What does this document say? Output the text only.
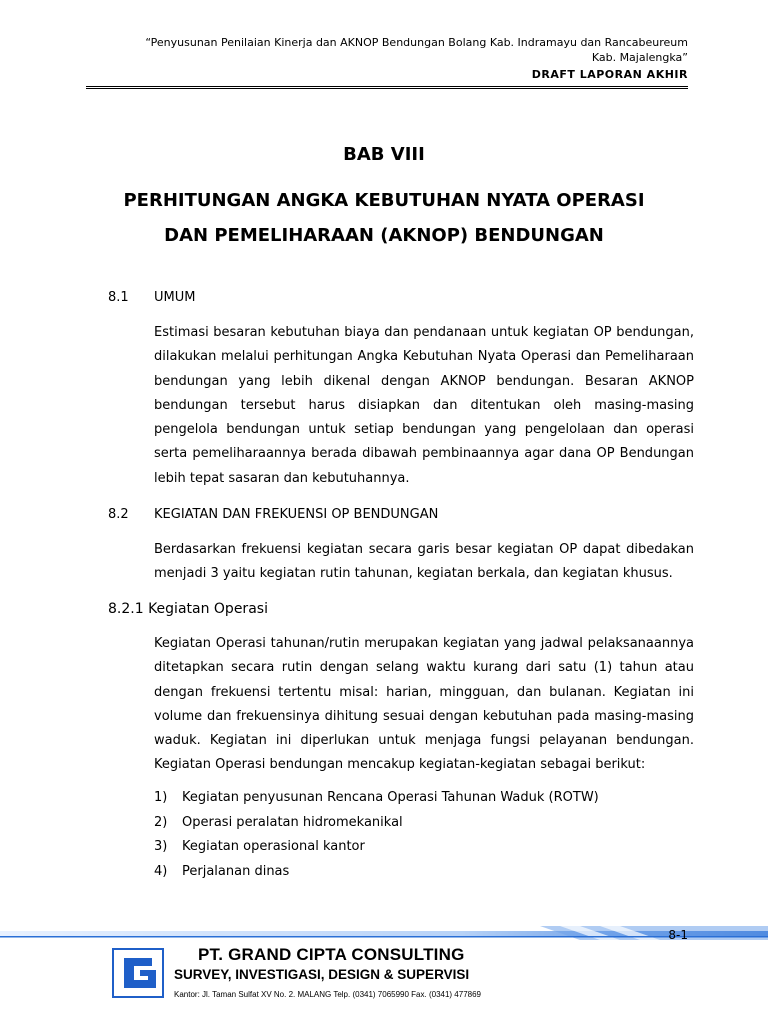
“Penyusunan Penilaian Kinerja dan AKNOP Bendungan Bolang Kab. Indramayu dan Rancabeureum
Kab. Majalengka”
DRAFT LAPORAN AKHIR
BAB VIII
PERHITUNGAN ANGKA KEBUTUHAN NYATA OPERASI
DAN PEMELIHARAAN (AKNOP) BENDUNGAN
8.1 UMUM

Estimasi besaran kebutuhan biaya dan pendanaan untuk kegiatan OP bendungan, dilakukan melalui perhitungan Angka Kebutuhan Nyata Operasi dan Pemeliharaan bendungan yang lebih dikenal dengan AKNOP bendungan. Besaran AKNOP bendungan tersebut harus disiapkan dan ditentukan oleh masing-masing pengelola bendungan untuk setiap bendungan yang pengelolaan dan operasi serta pemeliharaannya berada dibawah pembinaannya agar dana OP Bendungan lebih tepat sasaran dan kebutuhannya.

8.2 KEGIATAN DAN FREKUENSI OP BENDUNGAN

Berdasarkan frekuensi kegiatan secara garis besar kegiatan OP dapat dibedakan menjadi 3 yaitu kegiatan rutin tahunan, kegiatan berkala, dan kegiatan khusus.

8.2.1 Kegiatan Operasi

Kegiatan Operasi tahunan/rutin merupakan kegiatan yang jadwal pelaksanaannya ditetapkan secara rutin dengan selang waktu kurang dari satu (1) tahun atau dengan frekuensi tertentu misal: harian, mingguan, dan bulanan. Kegiatan ini volume dan frekuensinya dihitung sesuai dengan kebutuhan pada masing-masing waduk. Kegiatan ini diperlukan untuk menjaga fungsi pelayanan bendungan. Kegiatan Operasi bendungan mencakup kegiatan-kegiatan sebagai berikut:

1) Kegiatan penyusunan Rencana Operasi Tahunan Waduk (ROTW)
2) Operasi peralatan hidromekanikal
3) Kegiatan operasional kantor
4) Perjalanan dinas
8-1
PT. GRAND CIPTA CONSULTING
SURVEY, INVESTIGASI, DESIGN & SUPERVISI
Kantor: Jl. Taman Sulfat XV No. 2. MALANG Telp. (0341) 7065990 Fax. (0341) 477869
